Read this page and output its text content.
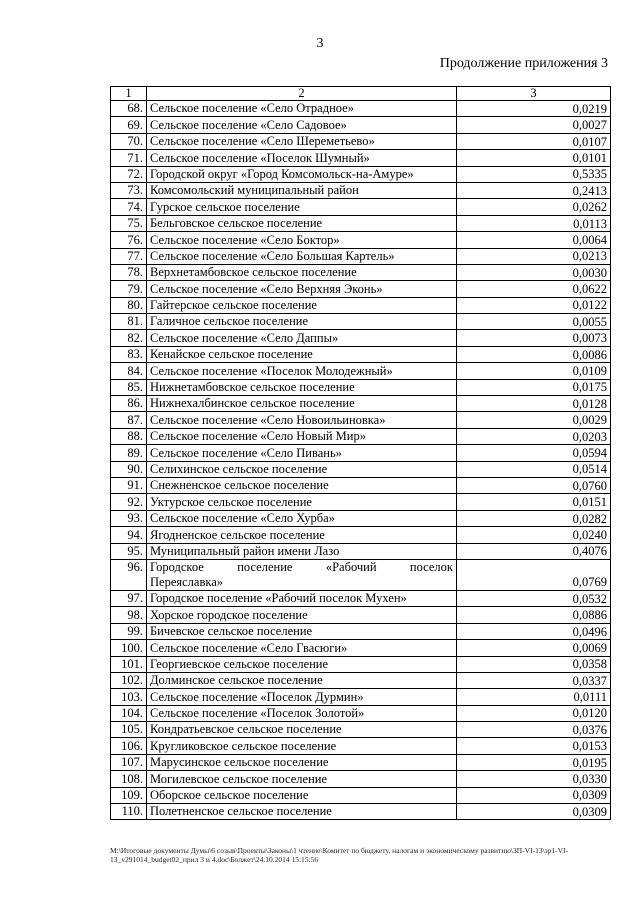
3
Продолжение приложения 3
1	2	3
68.	Сельское поселение «Село Отрадное»	0,0219
69.	Сельское поселение «Село Садовое»	0,0027
70.	Сельское поселение «Село Шереметьево»	0,0107
71.	Сельское поселение «Поселок Шумный»	0,0101
72.	Городской округ «Город Комсомольск-на-Амуре»	0,5335
73.	Комсомольский муниципальный район	0,2413
74.	Гурское сельское поселение	0,0262
75.	Бельговское сельское поселение	0,0113
76.	Сельское поселение «Село Боктор»	0,0064
77.	Сельское поселение «Село Большая Картель»	0,0213
78.	Верхнетамбовское сельское поселение	0,0030
79.	Сельское поселение «Село Верхняя Эконь»	0,0622
80.	Гайтерское сельское поселение	0,0122
81.	Галичное сельское поселение	0,0055
82.	Сельское поселение «Село Даппы»	0,0073
83.	Кенайское сельское поселение	0,0086
84.	Сельское поселение «Поселок Молодежный»	0,0109
85.	Нижнетамбовское сельское поселение	0,0175
86.	Нижнехалбинское сельское поселение	0,0128
87.	Сельское поселение «Село Новоильиновка»	0,0029
88.	Сельское поселение «Село Новый Мир»	0,0203
89.	Сельское поселение «Село Пивань»	0,0594
90.	Селихинское сельское поселение	0,0514
91.	Снежненское сельское поселение	0,0760
92.	Уктурское сельское поселение	0,0151
93.	Сельское поселение «Село Хурба»	0,0282
94.	Ягодненское сельское поселение	0,0240
95.	Муниципальный район имени Лазо	0,4076
96.	Городское поселение «Рабочий поселок
Переяславка»	0,0769
97.	Городское поселение «Рабочий поселок Мухен»	0,0532
98.	Хорское городское поселение	0,0886
99.	Бичевское сельское поселение	0,0496
100.	Сельское поселение «Село Гвасюги»	0,0069
101.	Георгиевское сельское поселение	0,0358
102.	Долминское сельское поселение	0,0337
103.	Сельское поселение «Поселок Дурмин»	0,0111
104.	Сельское поселение «Поселок Золотой»	0,0120
105.	Кондратьевское сельское поселение	0,0376
106.	Кругликовское сельское поселение	0,0153
107.	Марусинское сельское поселение	0,0195
108.	Могилевское сельское поселение	0,0330
109.	Оборское сельское поселение	0,0309
110.	Полетненское сельское поселение	0,0309
M:\Итоговые документы Думы\6 созыв\Проекты\Законы\1 чтение\Комитет по бюджету, налогам и экономическому развитию\ЗП-VI-13\зр1-VI-
13_v291014_budget02_прил 3 и 4.doc\Болжет\24.10.2014 15:15:56
